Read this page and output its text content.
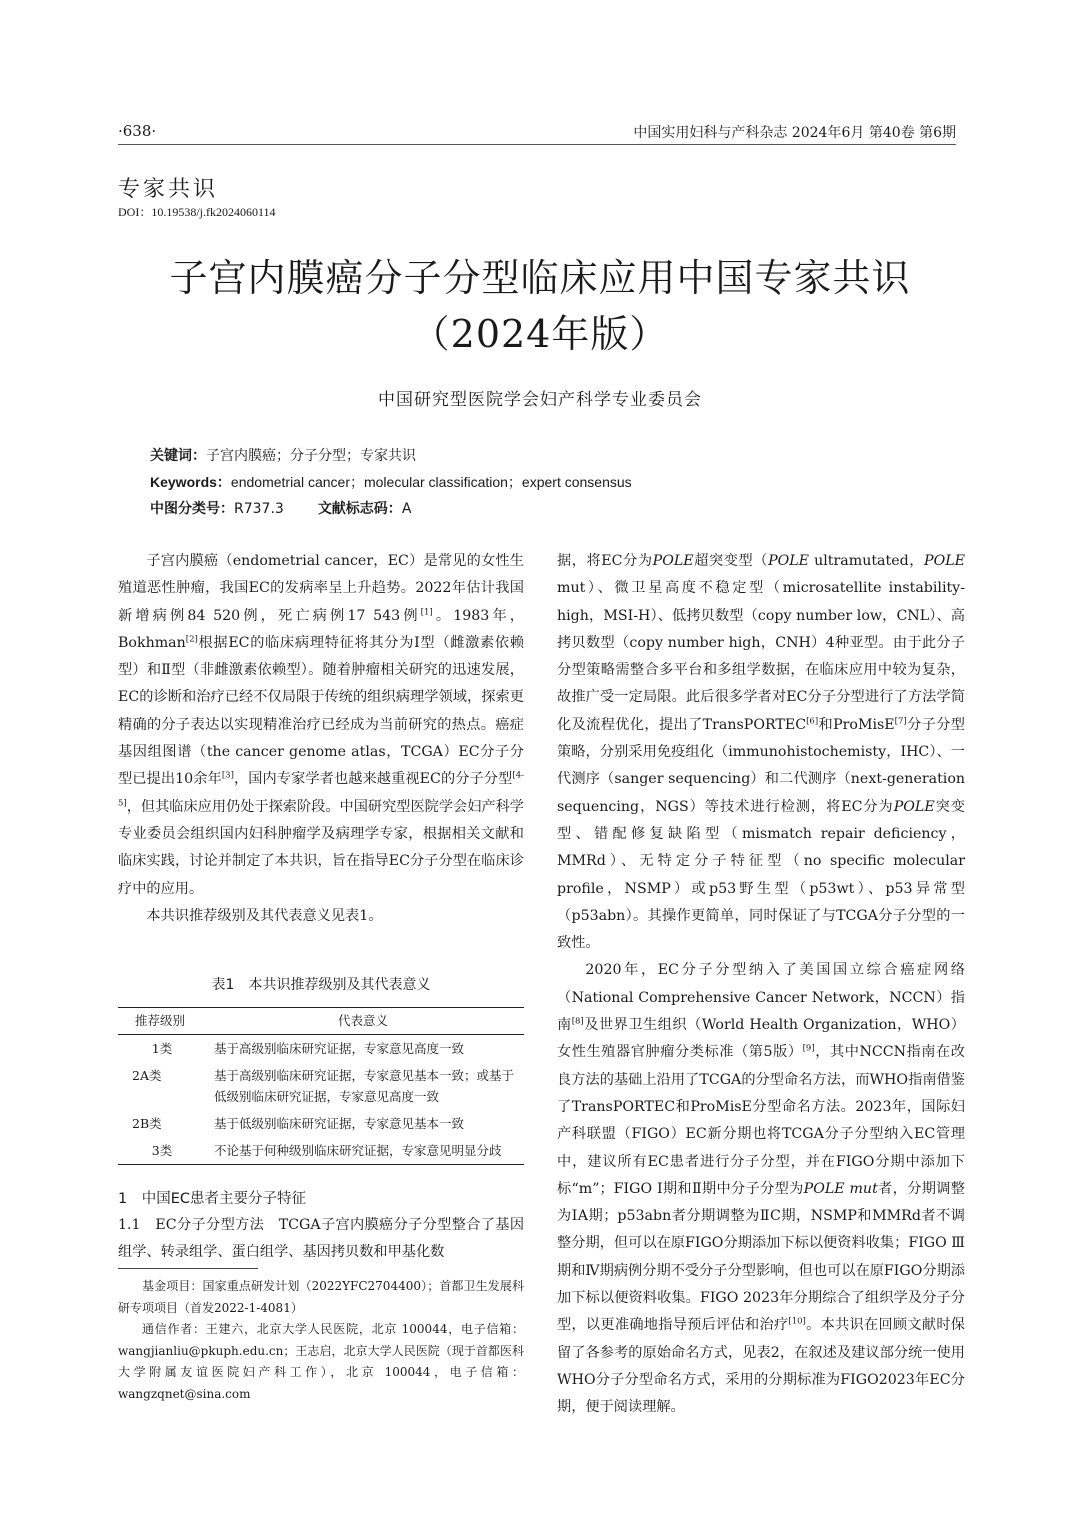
·638·	中国实用妇科与产科杂志 2024年6月 第40卷 第6期
专家共识
DOI：10.19538/j.fk2024060114
子宫内膜癌分子分型临床应用中国专家共识
（2024年版）
中国研究型医院学会妇产科学专业委员会
关键词：子宫内膜癌；分子分型；专家共识
Keywords：endometrial cancer；molecular classification；expert consensus
中图分类号：R737.3 文献标志码：A

子宫内膜癌（endometrial cancer，EC）是常见的女性生殖道恶性肿瘤，我国EC的发病率呈上升趋势。2022年估计我国新增病例84 520例，死亡病例17 543例[1]。1983年，Bokhman[2]根据EC的临床病理特征将其分为Ⅰ型（雌激素依赖型）和Ⅱ型（非雌激素依赖型）。随着肿瘤相关研究的迅速发展，EC的诊断和治疗已经不仅局限于传统的组织病理学领域，探索更精确的分子表达以实现精准治疗已经成为当前研究的热点。癌症基因组图谱（the cancer genome atlas，TCGA）EC分子分型已提出10余年[3]，国内专家学者也越来越重视EC的分子分型[4-5]，但其临床应用仍处于探索阶段。中国研究型医院学会妇产科学专业委员会组织国内妇科肿瘤学及病理学专家，根据相关文献和临床实践，讨论并制定了本共识，旨在指导EC分子分型在临床诊疗中的应用。

本共识推荐级别及其代表意义见表1。

表1　本共识推荐级别及其代表意义
推荐级别	代表意义
1类	基于高级别临床研究证据，专家意见高度一致
2A类	基于高级别临床研究证据，专家意见基本一致；或基于低级别临床研究证据，专家意见高度一致
2B类	基于低级别临床研究证据，专家意见基本一致
3类	不论基于何种级别临床研究证据，专家意见明显分歧
1　中国EC患者主要分子特征
1.1　EC分子分型方法　TCGA子宫内膜癌分子分型整合了基因组学、转录组学、蛋白组学、基因拷贝数和甲基化数

基金项目：国家重点研发计划（2022YFC2704400）；首都卫生发展科研专项项目（首发2022-1-4081）

通信作者：王建六，北京大学人民医院，北京 100044，电子信箱：wangjianliu@pkuph.edu.cn；王志启，北京大学人民医院（现于首都医科大学附属友谊医院妇产科工作），北京 100044，电子信箱：wangzqnet@sina.com

据，将EC分为POLE超突变型（POLE ultramutated，POLE mut）、微卫星高度不稳定型（microsatellite instability-high，MSI-H）、低拷贝数型（copy number low，CNL）、高拷贝数型（copy number high，CNH）4种亚型。由于此分子分型策略需整合多平台和多组学数据，在临床应用中较为复杂，故推广受一定局限。此后很多学者对EC分子分型进行了方法学简化及流程优化，提出了TransPORTEC[6]和ProMisE[7]分子分型策略，分别采用免疫组化（immunohistochemisty，IHC）、一代测序（sanger sequencing）和二代测序（next-generation sequencing，NGS）等技术进行检测，将EC分为POLE突变型、错配修复缺陷型（mismatch repair deficiency，MMRd）、无特定分子特征型（no specific molecular profile，NSMP）或p53野生型（p53wt）、p53异常型（p53abn）。其操作更简单，同时保证了与TCGA分子分型的一致性。

2020年，EC分子分型纳入了美国国立综合癌症网络（National Comprehensive Cancer Network，NCCN）指南[8]及世界卫生组织（World Health Organization，WHO）女性生殖器官肿瘤分类标准（第5版）[9]，其中NCCN指南在改良方法的基础上沿用了TCGA的分型命名方法，而WHO指南借鉴了TransPORTEC和ProMisE分型命名方法。2023年，国际妇产科联盟（FIGO）EC新分期也将TCGA分子分型纳入EC管理中，建议所有EC患者进行分子分型，并在FIGO分期中添加下标“m”；FIGO Ⅰ期和Ⅱ期中分子分型为POLE mut者，分期调整为ⅠA期；p53abn者分期调整为ⅡC期，NSMP和MMRd者不调整分期，但可以在原FIGO分期添加下标以便资料收集；FIGO Ⅲ期和Ⅳ期病例分期不受分子分型影响，但也可以在原FIGO分期添加下标以便资料收集。FIGO 2023年分期综合了组织学及分子分型，以更准确地指导预后评估和治疗[10]。本共识在回顾文献时保留了各参考的原始命名方式，见表2，在叙述及建议部分统一使用WHO分子分型命名方式，采用的分期标准为FIGO2023年EC分期，便于阅读理解。
